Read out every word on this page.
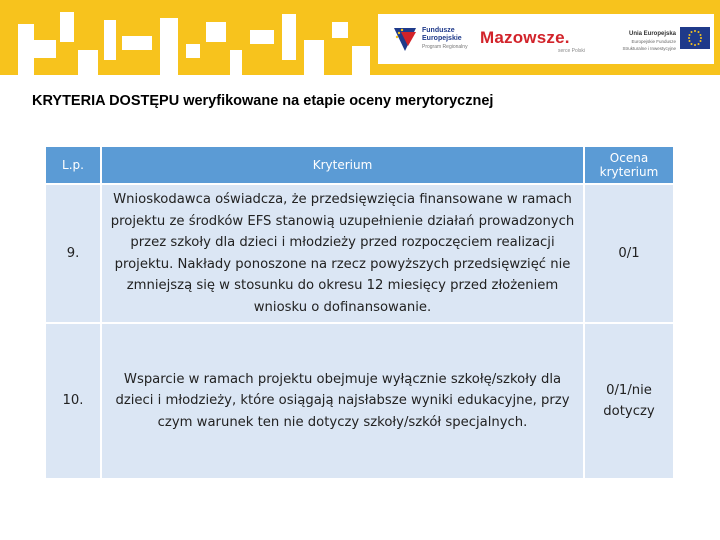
Fundusze Europejskie
Program Regionalny Mazowsze.
serce Polski
Unia Europejska
Europejskie Fundusze Strukturalne i Inwestycyjne
KRYTERIA DOSTĘPU weryfikowane na etapie oceny merytorycznej
L.p.	Kryterium	Ocena kryterium
9.	Wnioskodawca oświadcza, że przedsięwzięcia finansowane w ramach projektu ze środków EFS stanowią uzupełnienie działań prowadzonych przez szkoły dla dzieci i młodzieży przed rozpoczęciem realizacji projektu. Nakłady ponoszone na rzecz powyższych przedsięwzięć nie zmniejszą się w stosunku do okresu 12 miesięcy przed złożeniem wniosku o dofinansowanie.	0/1
10.	Wsparcie w ramach projektu obejmuje wyłącznie szkołę/szkoły dla dzieci i młodzieży, które osiągają najsłabsze wyniki edukacyjne, przy czym warunek ten nie dotyczy szkoły/szkół specjalnych.	0/1/nie dotyczy
